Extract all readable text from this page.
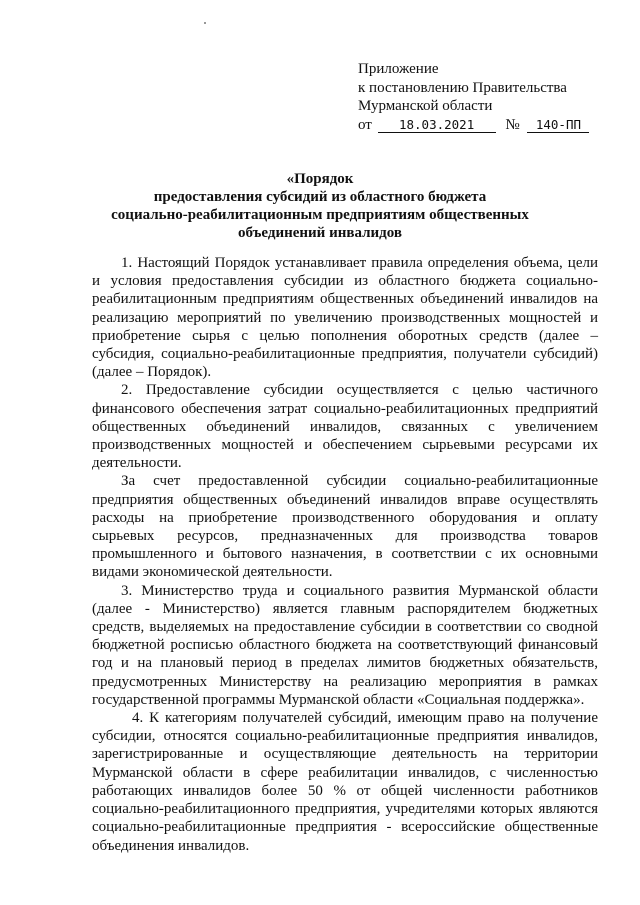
Приложение
к постановлению Правительства
Мурманской области
от 18.03.2021 № 140-ПП
«Порядок
предоставления субсидий из областного бюджета
социально-реабилитационным предприятиям общественных
объединений инвалидов

1. Настоящий Порядок устанавливает правила определения объема, цели и условия предоставления субсидии из областного бюджета социально-реабилитационным предприятиям общественных объединений инвалидов на реализацию мероприятий по увеличению производственных мощностей и приобретение сырья с целью пополнения оборотных средств (далее – субсидия, социально-реабилитационные предприятия, получатели субсидий) (далее – Порядок).

2. Предоставление субсидии осуществляется с целью частичного финансового обеспечения затрат социально-реабилитационных предприятий общественных объединений инвалидов, связанных с увеличением производственных мощностей и обеспечением сырьевыми ресурсами их деятельности.

За счет предоставленной субсидии социально-реабилитационные предприятия общественных объединений инвалидов вправе осуществлять расходы на приобретение производственного оборудования и оплату сырьевых ресурсов, предназначенных для производства товаров промышленного и бытового назначения, в соответствии с их основными видами экономической деятельности.

3. Министерство труда и социального развития Мурманской области (далее - Министерство) является главным распорядителем бюджетных средств, выделяемых на предоставление субсидии в соответствии со сводной бюджетной росписью областного бюджета на соответствующий финансовый год и на плановый период в пределах лимитов бюджетных обязательств, предусмотренных Министерству на реализацию мероприятия в рамках государственной программы Мурманской области «Социальная поддержка».

4. К категориям получателей субсидий, имеющим право на получение субсидии, относятся социально-реабилитационные предприятия инвалидов, зарегистрированные и осуществляющие деятельность на территории Мурманской области в сфере реабилитации инвалидов, с численностью работающих инвалидов более 50 % от общей численности работников социально-реабилитационного предприятия, учредителями которых являются социально-реабилитационные предприятия - всероссийские общественные объединения инвалидов.
